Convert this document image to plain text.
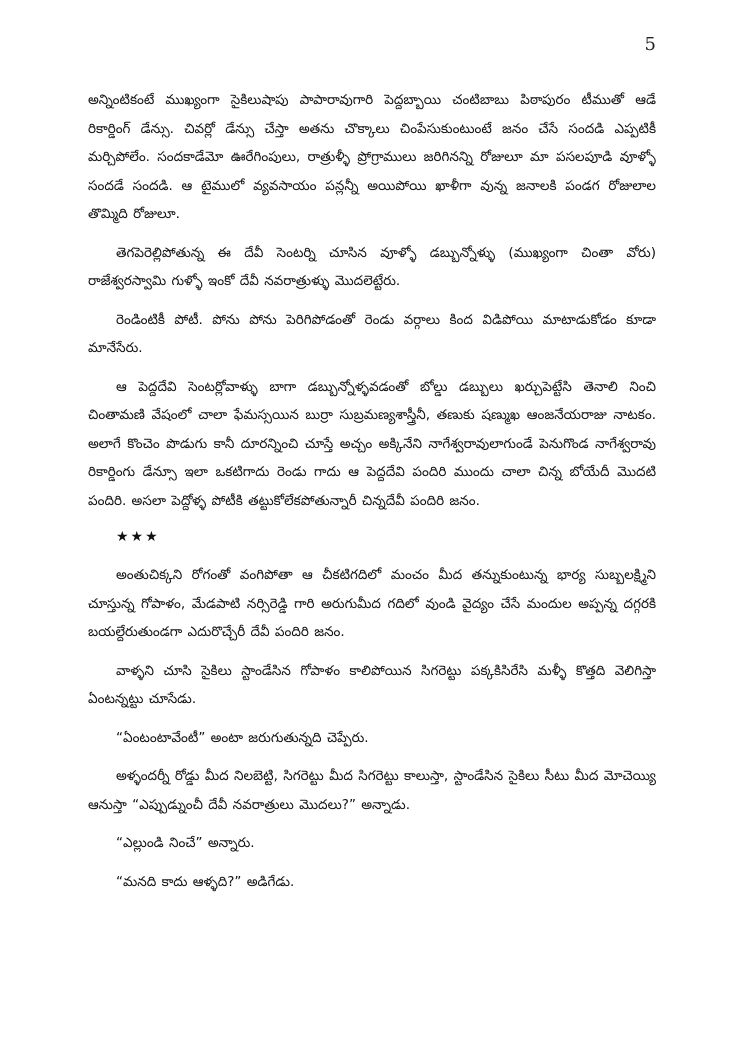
5

అన్నింటికంటే ముఖ్యంగా సైకిలుషాపు పాపారావుగారి పెద్దబ్బాయి చంటిబాబు పిఠాపురం టీముతో ఆడే రికార్డింగ్ డేన్సు. చివర్లో డేన్సు చేస్తా అతను చొక్కాలు చింపేసుకుంటుంటే జనం చేసే సందడి ఎప్పటికీ మర్చిపోలేం. సందకాడేమో ఊరేగింపులు, రాత్రుళ్ళీ ప్రోగ్రాములు జరిగినన్ని రోజులూ మా పసలపూడి వూళ్ళో సందడే సందడి. ఆ టైములో వ్యవసాయం పన్లన్నీ అయిపోయి ఖాళీగా వున్న జనాలకి పండగ రోజులాల తొమ్మిది రోజులూ.

తెగపెరెల్లిపోతున్న ఈ దేవీ సెంటర్ని చూసిన వూళ్ళో డబ్బున్నోళ్ళు (ముఖ్యంగా చింతా వోరు) రాజేశ్వరస్వామి గుళ్ళో ఇంకో దేవీ నవరాత్రుళ్ళు మొదలెట్టేరు.

రెండింటికీ పోటీ. పోను పోను పెరిగిపోడంతో రెండు వర్గాలు కింద విడిపోయి మాటాడుకోడం కూడా మానేసేరు.

ఆ పెద్దదేవి సెంటర్లోవాళ్ళు బాగా డబ్బున్నోళ్ళవడంతో బోల్డు డబ్బులు ఖర్చుపెట్టేసి తెనాలి నించి చింతామణి వేషంలో చాలా ఫేమస్సయిన బుర్రా సుబ్రమణ్యశాస్త్రీనీ, తణుకు షణ్ముఖ ఆంజనేయరాజు నాటకం. అలాగే కొంచెం పొడుగు కానీ దూరన్నించి చూస్తే అచ్చం అక్కినేని నాగేశ్వరావులాగుండే పెనుగొండ నాగేశ్వరావు రికార్డింగు డేన్సూ ఇలా ఒకటిగాదు రెండు గాదు ఆ పెద్దదేవి పందిరి ముందు చాలా చిన్న బోయేదీ మొదటి పందిరి. అసలా పెద్దోళ్ళ పోటీకి తట్టుకోలేకపోతున్నారీ చిన్నదేవీ పందిరి జనం.

★★★

అంతుచిక్కని రోగంతో వంగిపోతా ఆ చీకటిగదిలో మంచం మీద తన్నుకుంటున్న భార్య సుబ్బలక్ష్మిని చూస్తున్న గోపాళం, మేడపాటి నర్సిరెడ్డి గారి అరుగుమీద గదిలో వుండి వైద్యం చేసే మందుల అప్పన్న దగ్గరకి బయల్దేరుతుండగా ఎదురొచ్చేరీ దేవీ పందిరి జనం.

వాళ్ళని చూసి సైకిలు స్టాండేసిన గోపాళం కాలిపోయిన సిగరెట్టు పక్కకిసిరేసి మళ్ళీ కొత్తది వెలిగిస్తా ఏంటన్నట్టు చూసేడు.

“ఏంటంటావేంటీ” అంటా జరుగుతున్నది చెప్పేరు.

అళ్ళందర్నీ రోడ్డు మీద నిలబెట్టి, సిగరెట్టు మీద సిగరెట్టు కాలుస్తా, స్టాండేసిన సైకిలు సీటు మీద మోచెయ్యి ఆనుస్తా “ఎప్పుడ్నుంచీ దేవీ నవరాత్రులు మొదలు?” అన్నాడు.

“ఎల్లుండి నించే” అన్నారు.

“మనది కాదు ఆళ్ళది?” అడిగేడు.
